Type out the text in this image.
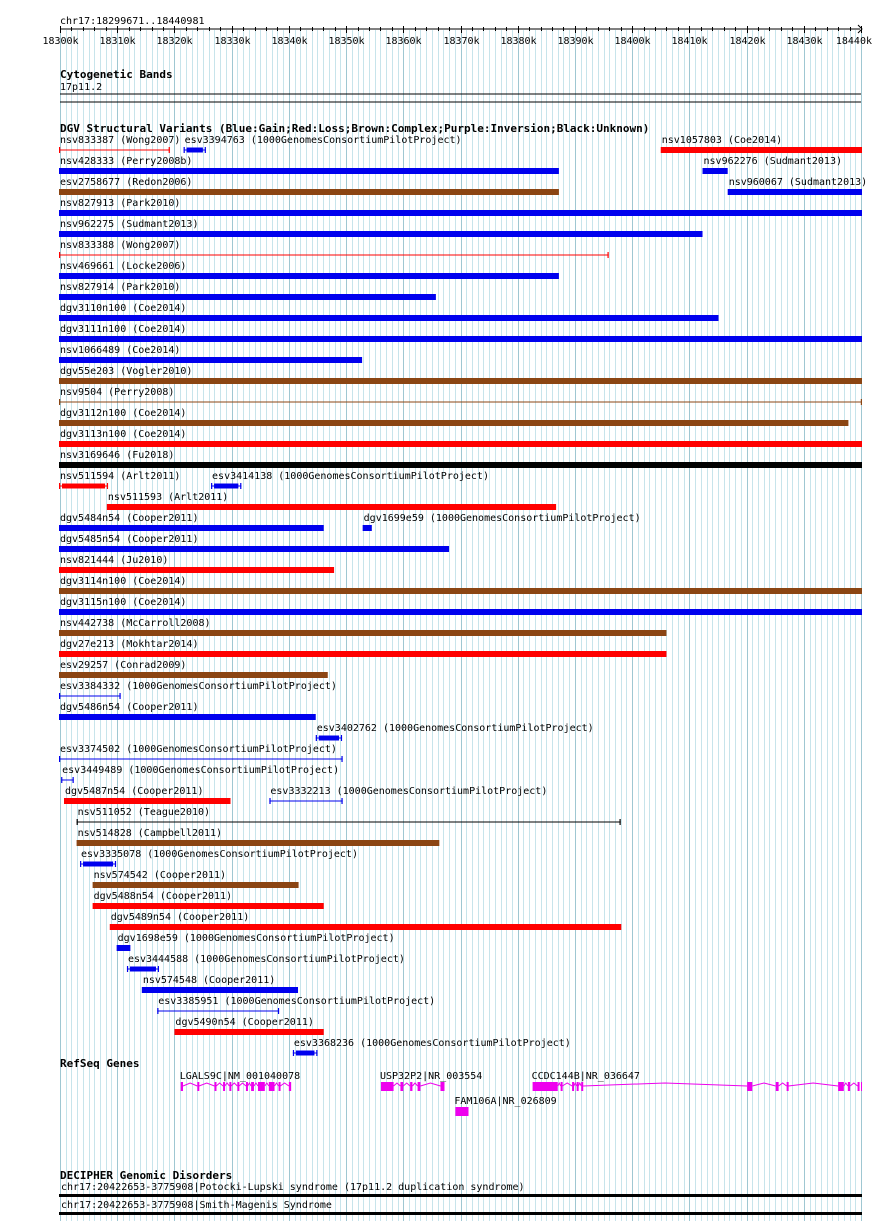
chr17:18299671..18440981
18300k 18310k 18320k 18330k 18340k 18350k 18360k 18370k 18380k 18390k 18400k 18410k 18420k 18430k 18440k
Cytogenetic Bands
17p11.2
DGV Structural Variants (Blue:Gain;Red:Loss;Brown:Complex;Purple:Inversion;Black:Unknown)
nsv833387 (Wong2007) esv3394763 (1000GenomesConsortiumPilotProject)	nsv1057803 (Coe2014)
nsv428333 (Perry2008b)	nsv962276 (Sudmant2013)
esv2758677 (Redon2006)	nsv960067 (Sudmant2013)
nsv827913 (Park2010)
nsv962275 (Sudmant2013)
nsv833388 (Wong2007)
nsv469661 (Locke2006)
nsv827914 (Park2010)
dgv3110n100 (Coe2014)
dgv3111n100 (Coe2014)
nsv1066489 (Coe2014)
dgv55e203 (Vogler2010)
nsv9504 (Perry2008)
dgv3112n100 (Coe2014)
dgv3113n100 (Coe2014)
nsv3169646 (Fu2018)
nsv511594 (Arlt2011)	esv3414138 (1000GenomesConsortiumPilotProject)
nsv511593 (Arlt2011)
dgv5484n54 (Cooper2011)	dgv1699e59 (1000GenomesConsortiumPilotProject)
dgv5485n54 (Cooper2011)
nsv821444 (Ju2010)
dgv3114n100 (Coe2014)
dgv3115n100 (Coe2014)
nsv442738 (McCarroll2008)
dgv27e213 (Mokhtar2014)
esv29257 (Conrad2009)
esv3384332 (1000GenomesConsortiumPilotProject)
dgv5486n54 (Cooper2011)
esv3402762 (1000GenomesConsortiumPilotProject)
esv3374502 (1000GenomesConsortiumPilotProject)
esv3449489 (1000GenomesConsortiumPilotProject)
dgv5487n54 (Cooper2011)	esv3332213 (1000GenomesConsortiumPilotProject)
nsv511052 (Teague2010)
nsv514828 (Campbell2011)
esv3335078 (1000GenomesConsortiumPilotProject)
nsv574542 (Cooper2011)
dgv5488n54 (Cooper2011)
dgv5489n54 (Cooper2011)
dgv1698e59 (1000GenomesConsortiumPilotProject)
esv3444588 (1000GenomesConsortiumPilotProject)
nsv574548 (Cooper2011)
esv3385951 (1000GenomesConsortiumPilotProject)
dgv5490n54 (Cooper2011)
esv3368236 (1000GenomesConsortiumPilotProject)
RefSeq Genes
LGALS9C|NM_001040078	USP32P2|NR_003554	CCDC144B|NR_036647
FAM106A|NR_026809
DECIPHER Genomic Disorders
chr17:20422653-3775908|Potocki-Lupski syndrome (17p11.2 duplication syndrome)
chr17:20422653-3775908|Smith-Magenis Syndrome
